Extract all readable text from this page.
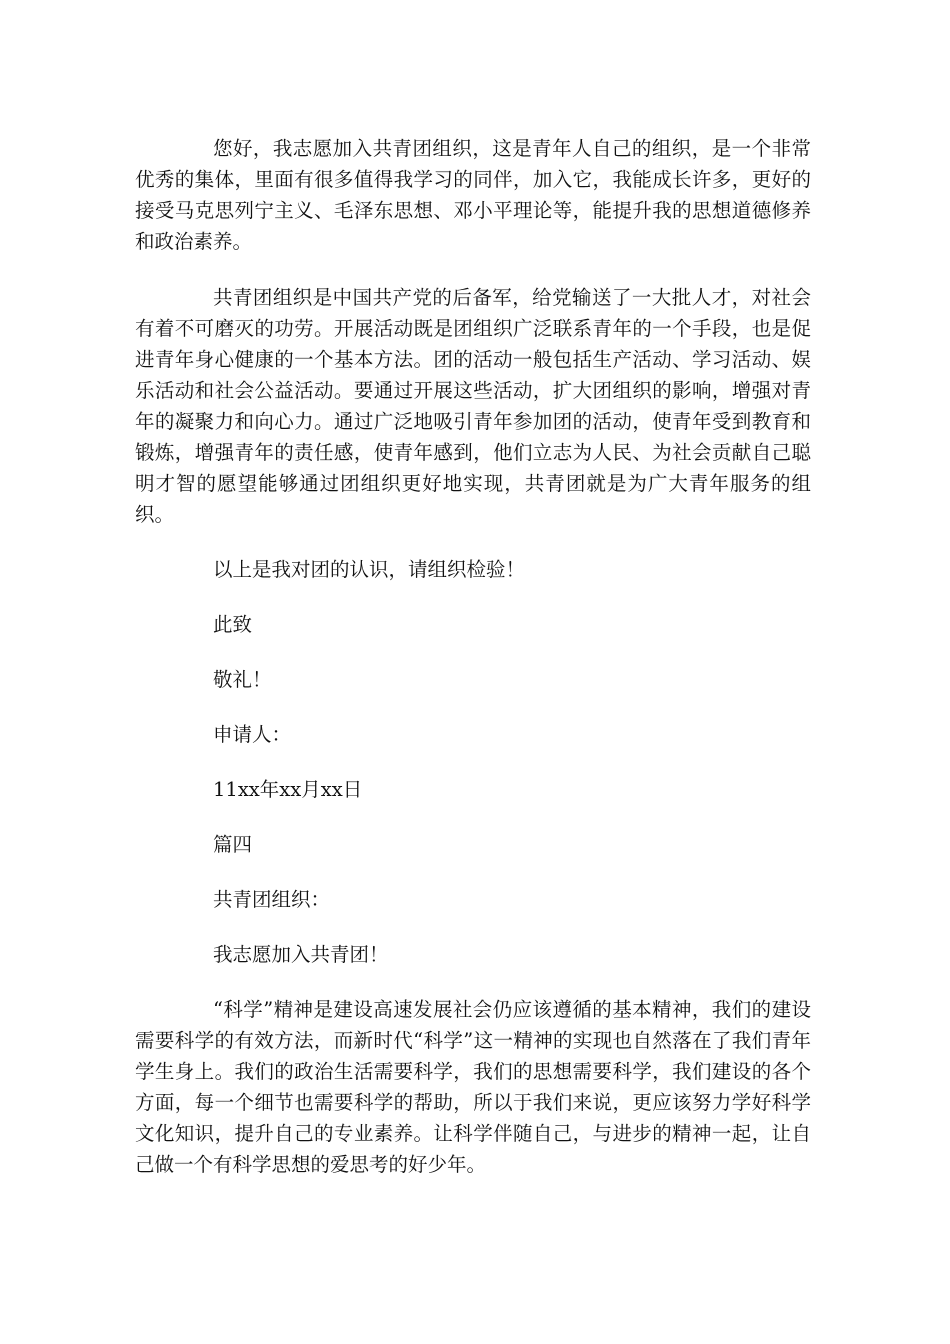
您好，我志愿加入共青团组织，这是青年人自己的组织，是一个非常优秀的集体，里面有很多值得我学习的同伴，加入它，我能成长许多，更好的接受马克思列宁主义、毛泽东思想、邓小平理论等，能提升我的思想道德修养和政治素养。

共青团组织是中国共产党的后备军，给党输送了一大批人才，对社会有着不可磨灭的功劳。开展活动既是团组织广泛联系青年的一个手段，也是促进青年身心健康的一个基本方法。团的活动一般包括生产活动、学习活动、娱乐活动和社会公益活动。要通过开展这些活动，扩大团组织的影响，增强对青年的凝聚力和向心力。通过广泛地吸引青年参加团的活动，使青年受到教育和锻炼，增强青年的责任感，使青年感到，他们立志为人民、为社会贡献自己聪明才智的愿望能够通过团组织更好地实现，共青团就是为广大青年服务的组织。

以上是我对团的认识，请组织检验！

此致

敬礼！

申请人：

11xx年xx月xx日

篇四

共青团组织：

我志愿加入共青团！

“科学”精神是建设高速发展社会仍应该遵循的基本精神，我们的建设需要科学的有效方法，而新时代“科学”这一精神的实现也自然落在了我们青年学生身上。我们的政治生活需要科学，我们的思想需要科学，我们建设的各个方面，每一个细节也需要科学的帮助，所以于我们来说，更应该努力学好科学文化知识，提升自己的专业素养。让科学伴随自己，与进步的精神一起，让自己做一个有科学思想的爱思考的好少年。
